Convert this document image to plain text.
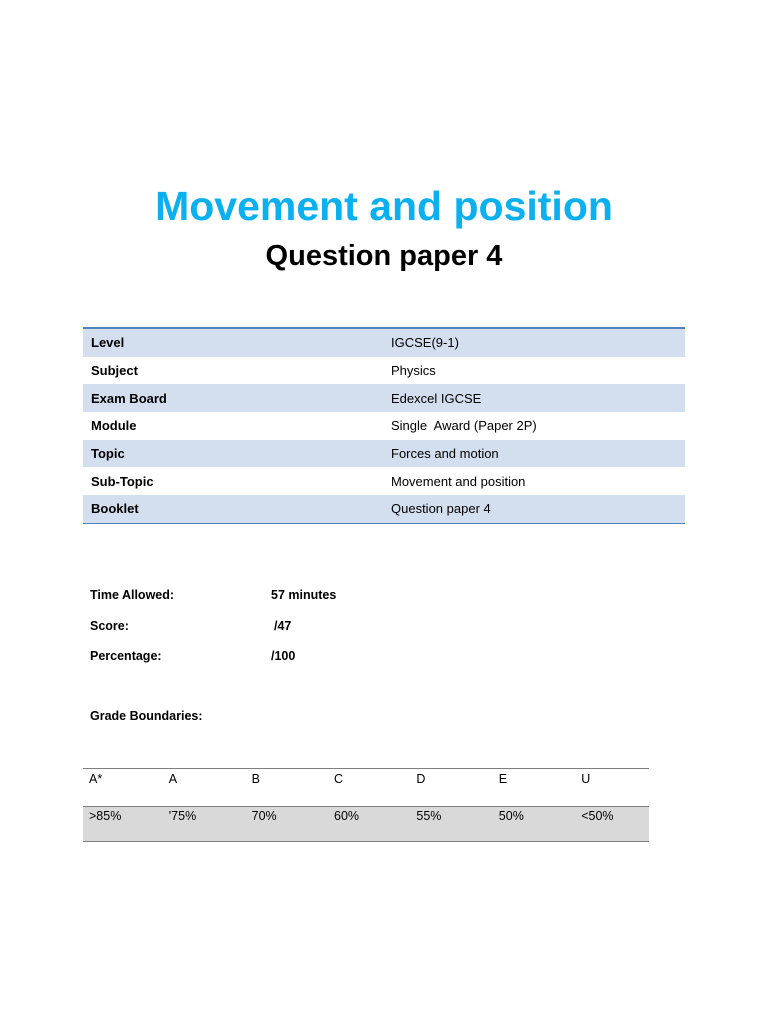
Movement and position
Question paper 4
Level	IGCSE(9-1)
Subject	Physics
Exam Board	Edexcel IGCSE
Module	Single  Award (Paper 2P)
Topic	Forces and motion
Sub-Topic	Movement and position
Booklet	Question paper 4
Time Allowed:	57 minutes
Score:	/47
Percentage:	/100
Grade Boundaries:
A*	A	B	C	D	E	U
>85%	'75%	70%	60%	55%	50%	<50%
